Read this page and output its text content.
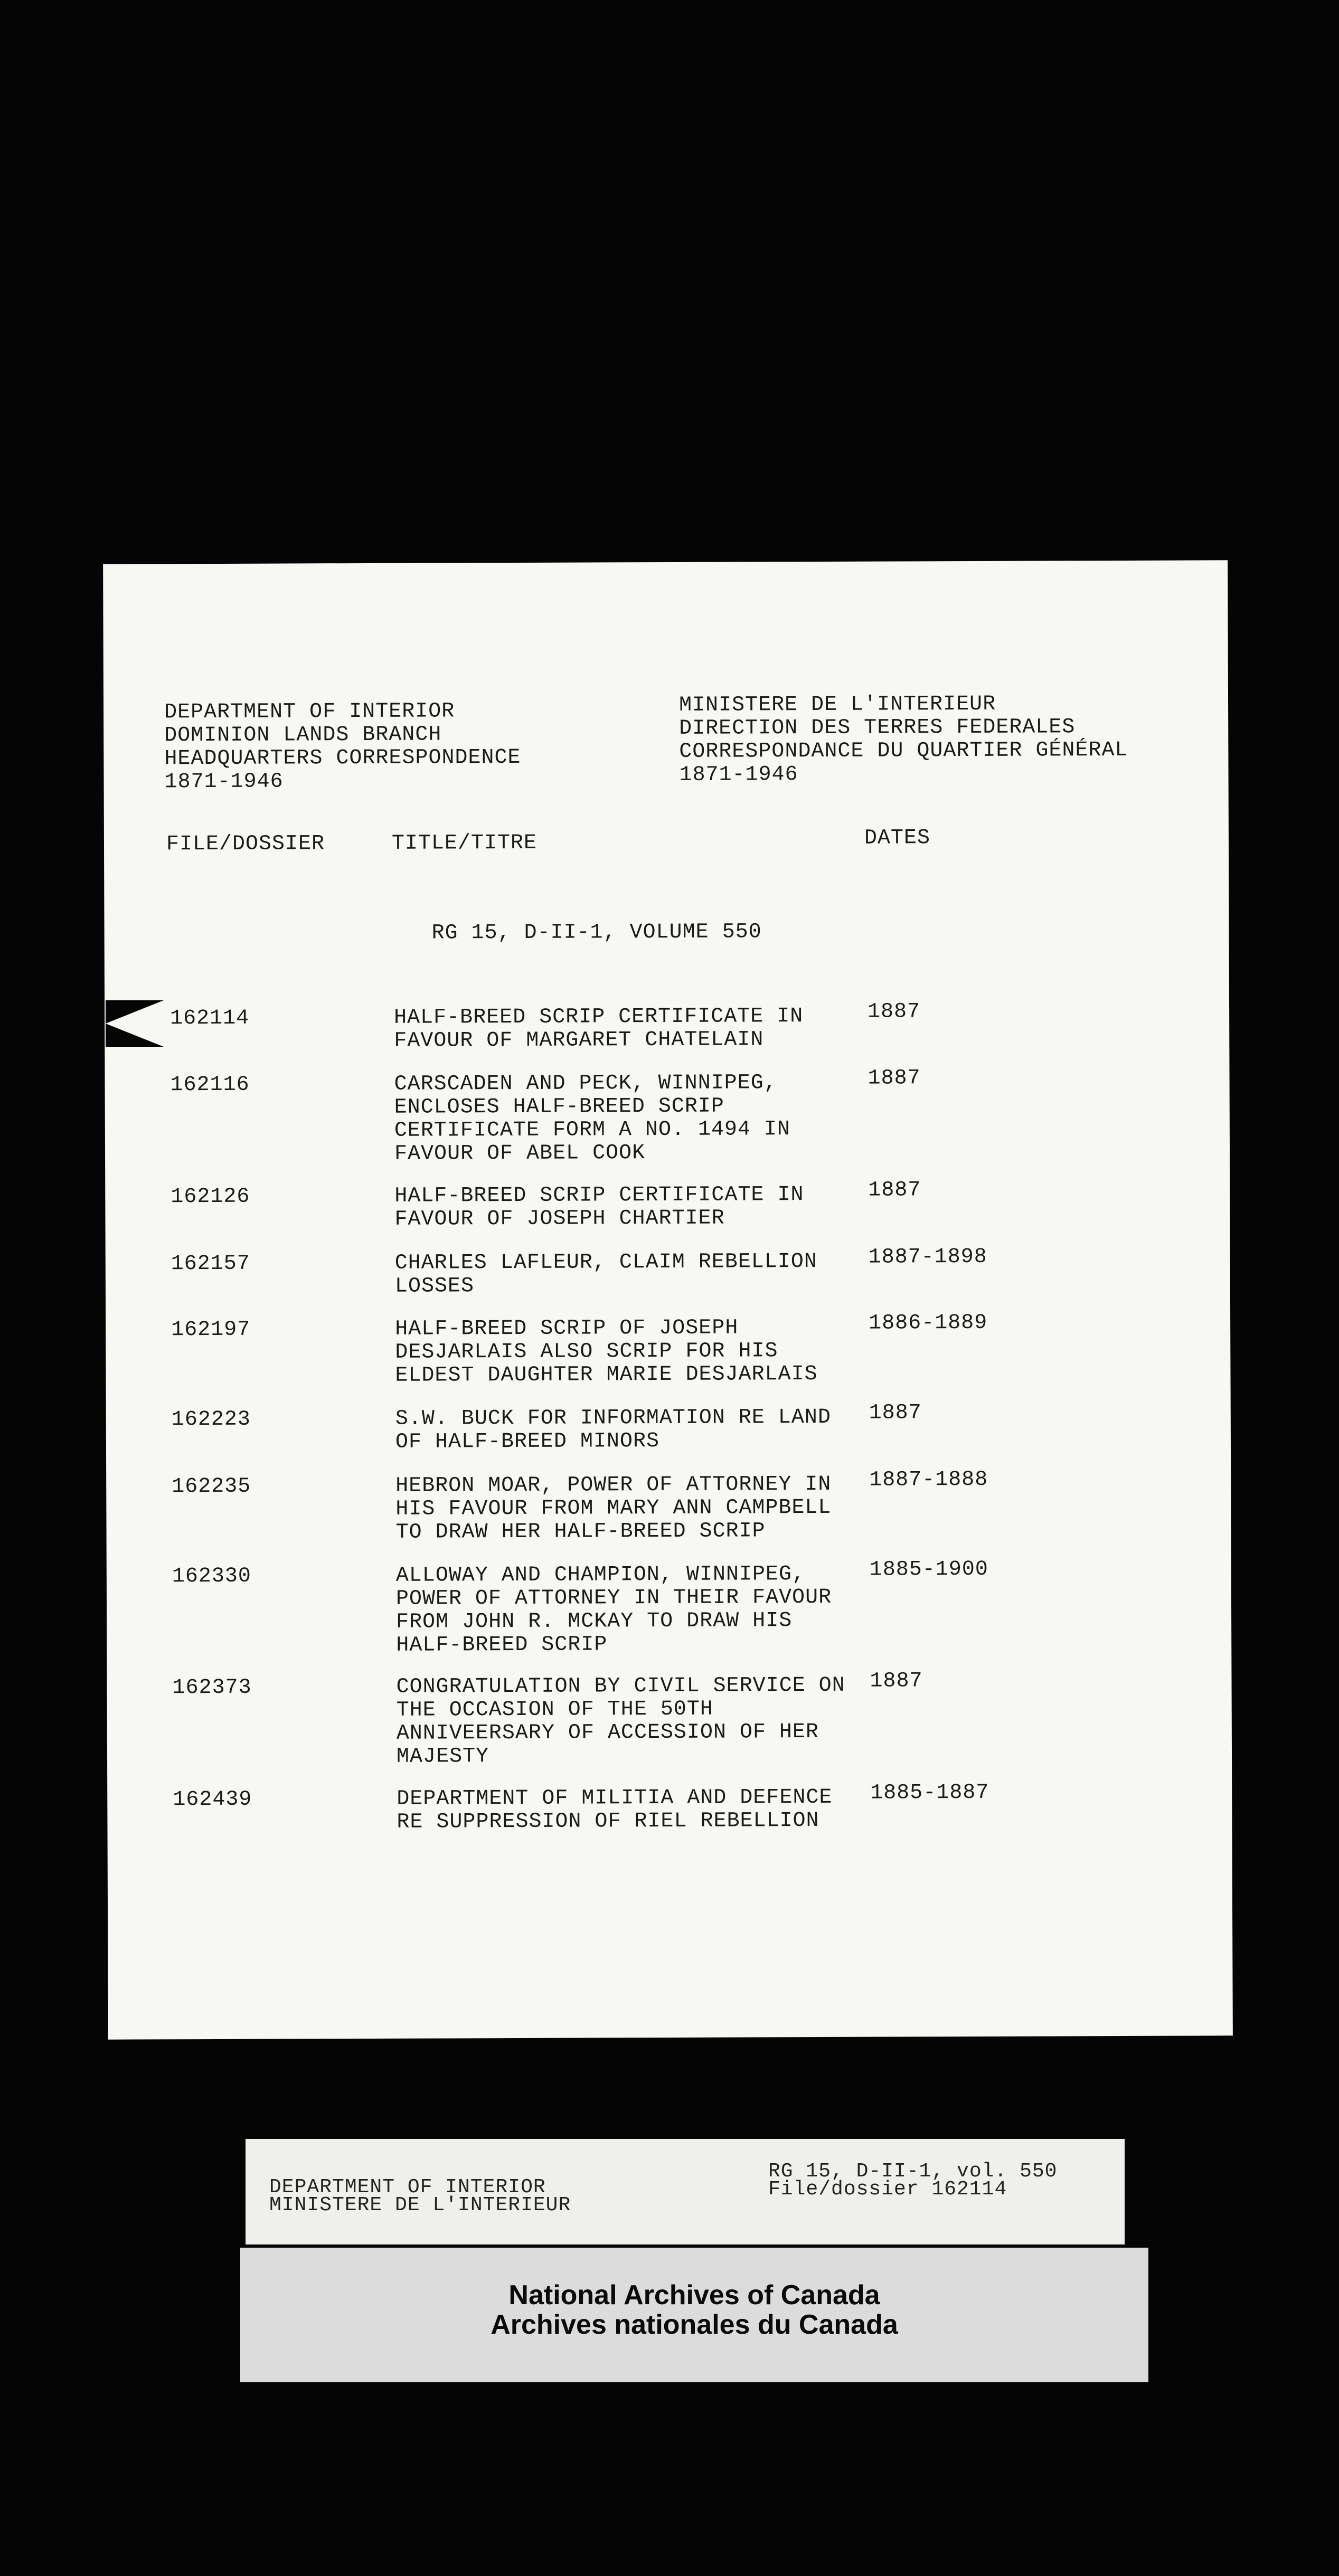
DEPARTMENT OF INTERIOR
DOMINION LANDS BRANCH
HEADQUARTERS CORRESPONDENCE
1871-1946
MINISTERE DE L'INTERIEUR
DIRECTION DES TERRES FEDERALES
CORRESPONDANCE DU QUARTIER GÉNÉRAL
1871-1946
FILE/DOSSIER	TITLE/TITRE	DATES
RG 15, D-II-1, VOLUME 550
162114	HALF-BREED SCRIP CERTIFICATE IN
FAVOUR OF MARGARET CHATELAIN
1887
162116	CARSCADEN AND PECK, WINNIPEG,
ENCLOSES HALF-BREED SCRIP
CERTIFICATE FORM A NO. 1494 IN
FAVOUR OF ABEL COOK
1887
162126	HALF-BREED SCRIP CERTIFICATE IN
FAVOUR OF JOSEPH CHARTIER
1887
162157	CHARLES LAFLEUR, CLAIM REBELLION
LOSSES
1887-1898
162197	HALF-BREED SCRIP OF JOSEPH
DESJARLAIS ALSO SCRIP FOR HIS
ELDEST DAUGHTER MARIE DESJARLAIS
1886-1889
162223	S.W. BUCK FOR INFORMATION RE LAND
OF HALF-BREED MINORS
1887
162235	HEBRON MOAR, POWER OF ATTORNEY IN
HIS FAVOUR FROM MARY ANN CAMPBELL
TO DRAW HER HALF-BREED SCRIP
1887-1888
162330	ALLOWAY AND CHAMPION, WINNIPEG,
POWER OF ATTORNEY IN THEIR FAVOUR
FROM JOHN R. MCKAY TO DRAW HIS
HALF-BREED SCRIP
1885-1900
162373	CONGRATULATION BY CIVIL SERVICE ON
THE OCCASION OF THE 50TH
ANNIVEERSARY OF ACCESSION OF HER
MAJESTY
1887
162439	DEPARTMENT OF MILITIA AND DEFENCE
RE SUPPRESSION OF RIEL REBELLION
1885-1887
DEPARTMENT OF INTERIOR
MINISTERE DE L'INTERIEUR
RG 15, D-II-1, vol. 550
File/dossier 162114
National Archives of Canada
Archives nationales du Canada
